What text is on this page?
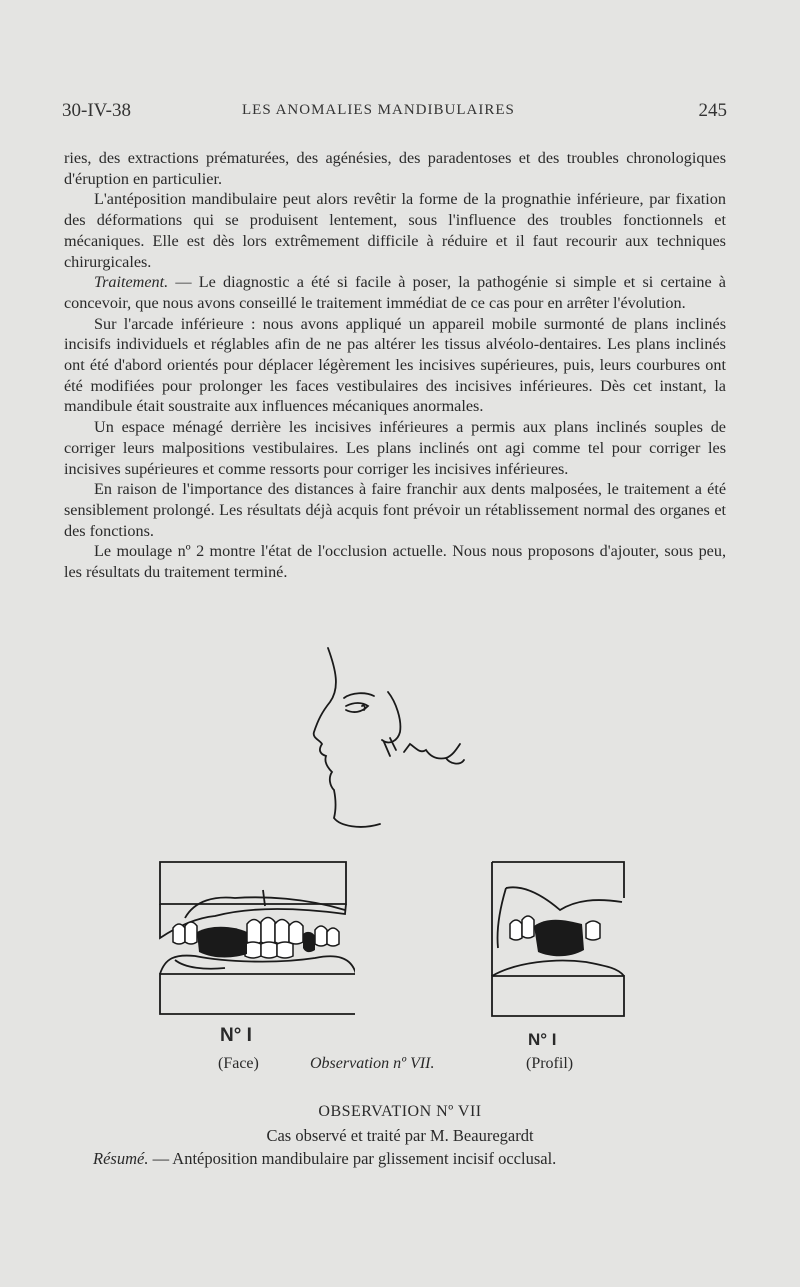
30-IV-38	LES ANOMALIES MANDIBULAIRES	245

ries, des extractions prématurées, des agénésies, des paradentoses et des troubles chronologiques d'éruption en particulier.

L'antéposition mandibulaire peut alors revêtir la forme de la prognathie inférieure, par fixation des déformations qui se produisent lentement, sous l'influence des troubles fonctionnels et mécaniques. Elle est dès lors extrêmement difficile à réduire et il faut recourir aux techniques chirurgicales.

Traitement. — Le diagnostic a été si facile à poser, la pathogénie si simple et si certaine à concevoir, que nous avons conseillé le traitement immédiat de ce cas pour en arrêter l'évolution.

Sur l'arcade inférieure : nous avons appliqué un appareil mobile surmonté de plans inclinés incisifs individuels et réglables afin de ne pas altérer les tissus alvéolo-dentaires. Les plans inclinés ont été d'abord orientés pour déplacer légèrement les incisives supérieures, puis, leurs courbures ont été modifiées pour prolonger les faces vestibulaires des incisives inférieures. Dès cet instant, la mandibule était soustraite aux influences mécaniques anormales.

Un espace ménagé derrière les incisives inférieures a permis aux plans inclinés souples de corriger leurs malpositions vestibulaires. Les plans inclinés ont agi comme tel pour corriger les incisives supérieures et comme ressorts pour corriger les incisives inférieures.

En raison de l'importance des distances à faire franchir aux dents malposées, le traitement a été sensiblement prolongé. Les résultats déjà acquis font prévoir un rétablissement normal des organes et des fonctions.

Le moulage nº 2 montre l'état de l'occlusion actuelle. Nous nous proposons d'ajouter, sous peu, les résultats du traitement terminé.

N° I	N° I
(Face)	Observation nº VII.	(Profil)
OBSERVATION Nº VII
Cas observé et traité par M. Beauregardt
Résumé. — Antéposition mandibulaire par glissement incisif occlusal.
